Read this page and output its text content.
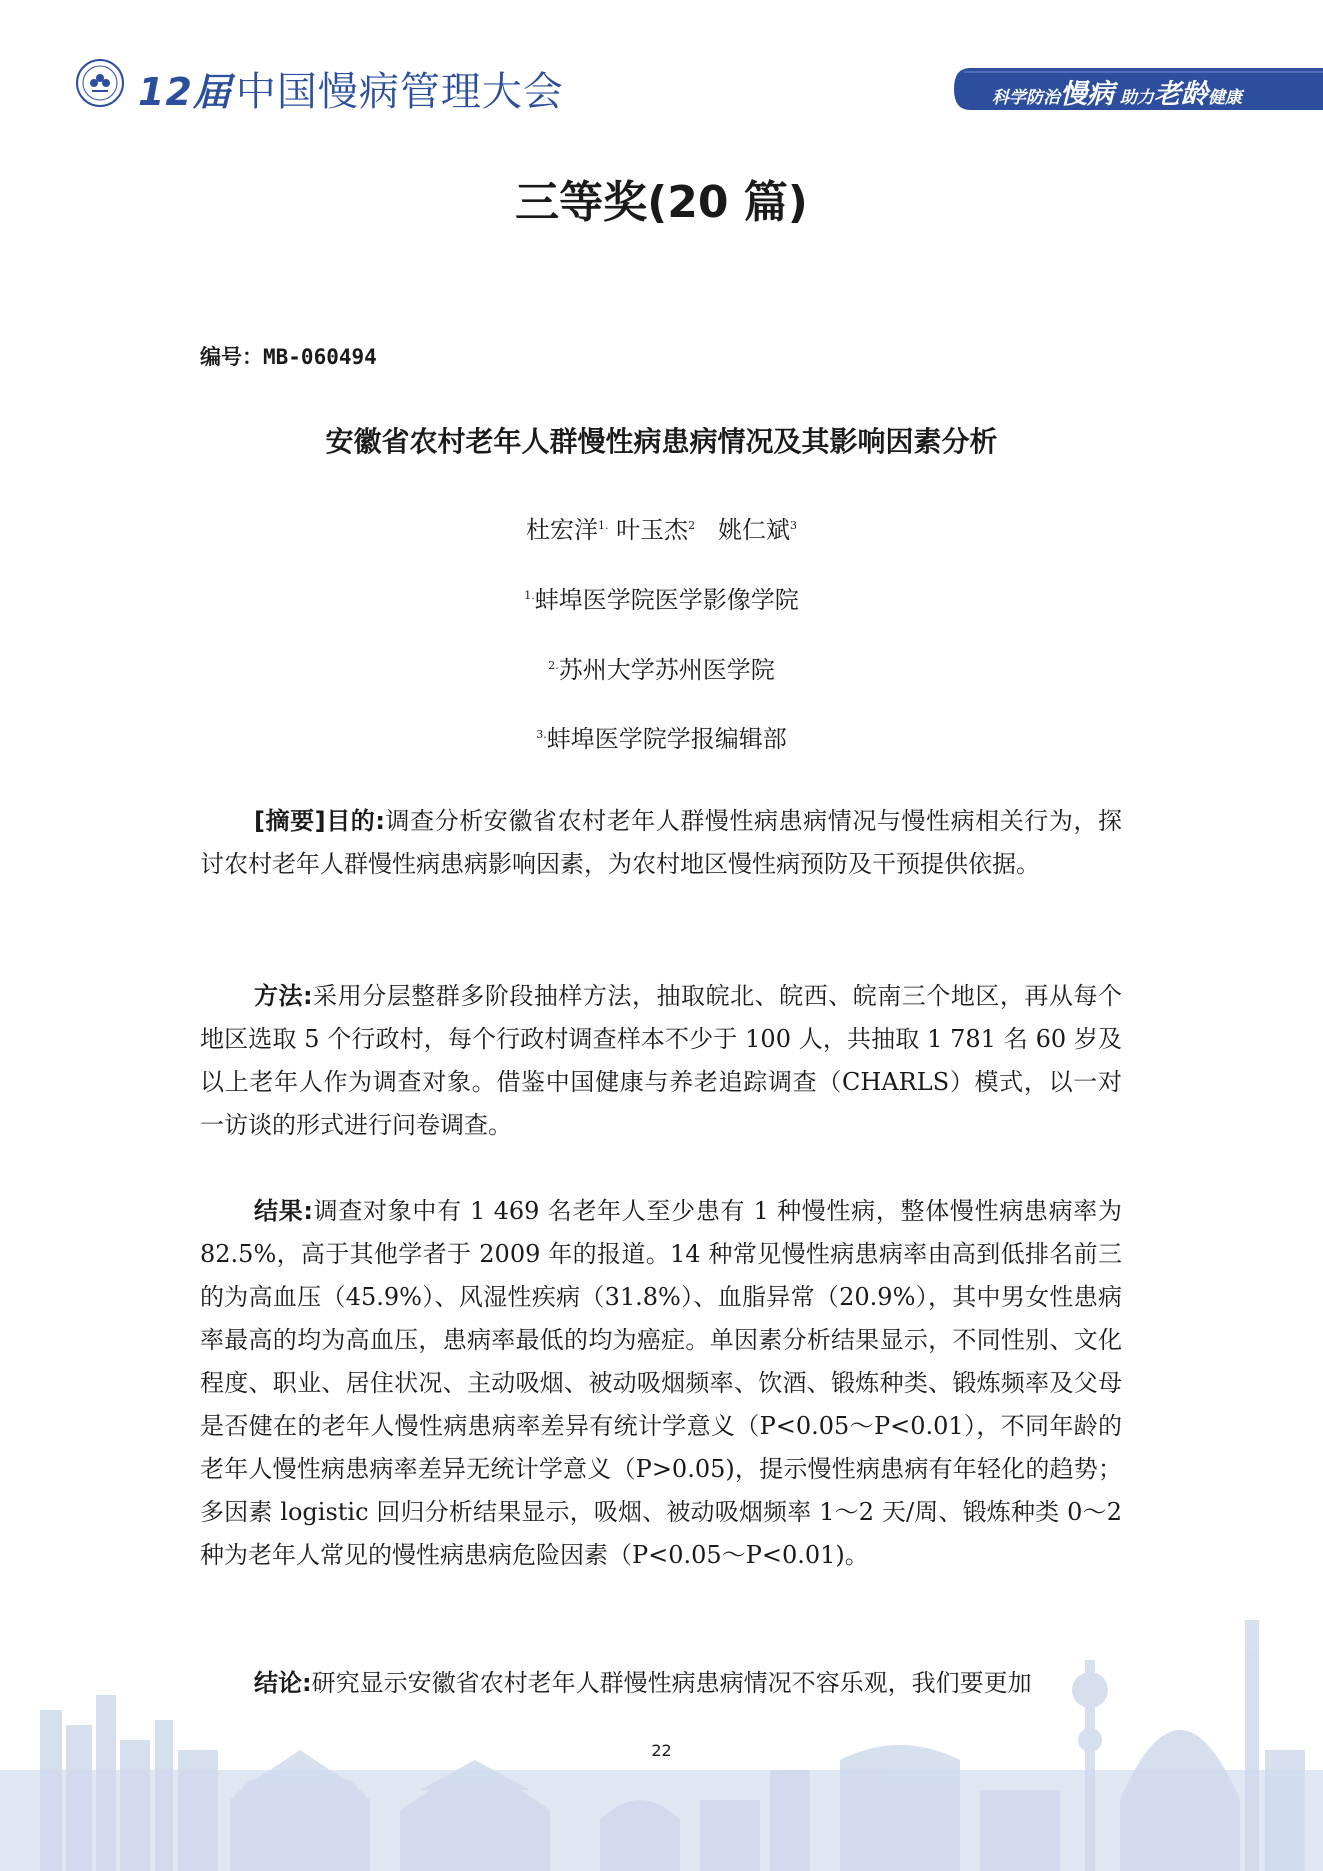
12届 中国慢病管理大会	科学防治慢病 助力老龄健康
三等奖(20 篇)
编号：MB-060494
安徽省农村老年人群慢性病患病情况及其影响因素分析
杜宏洋$^{1.}$ 叶玉杰$^2$ 姚仁斌$^3$
$^{1.}$蚌埠医学院医学影像学院
$^{2.}$苏州大学苏州医学院
$^{3.}$蚌埠医学院学报编辑部
[摘要]目的:调查分析安徽省农村老年人群慢性病患病情况与慢性病相关行为，探讨农村老年人群慢性病患病影响因素，为农村地区慢性病预防及干预提供依据。
方法:采用分层整群多阶段抽样方法，抽取皖北、皖西、皖南三个地区，再从每个地区选取 5 个行政村，每个行政村调查样本不少于 100 人，共抽取 1 781 名 60 岁及以上老年人作为调查对象。借鉴中国健康与养老追踪调查（CHARLS）模式，以一对一访谈的形式进行问卷调查。
结果:调查对象中有 1 469 名老年人至少患有 1 种慢性病，整体慢性病患病率为 82.5%，高于其他学者于 2009 年的报道。14 种常见慢性病患病率由高到低排名前三的为高血压（45.9%）、风湿性疾病（31.8%）、血脂异常（20.9%），其中男女性患病率最高的均为高血压，患病率最低的均为癌症。单因素分析结果显示，不同性别、文化程度、职业、居住状况、主动吸烟、被动吸烟频率、饮酒、锻炼种类、锻炼频率及父母是否健在的老年人慢性病患病率差异有统计学意义（P<0.05～P<0.01），不同年龄的老年人慢性病患病率差异无统计学意义（P>0.05)，提示慢性病患病有年轻化的趋势；多因素 logistic 回归分析结果显示，吸烟、被动吸烟频率 1～2 天/周、锻炼种类 0～2 种为老年人常见的慢性病患病危险因素（P<0.05～P<0.01)。
结论:研究显示安徽省农村老年人群慢性病患病情况不容乐观，我们要更加
22
